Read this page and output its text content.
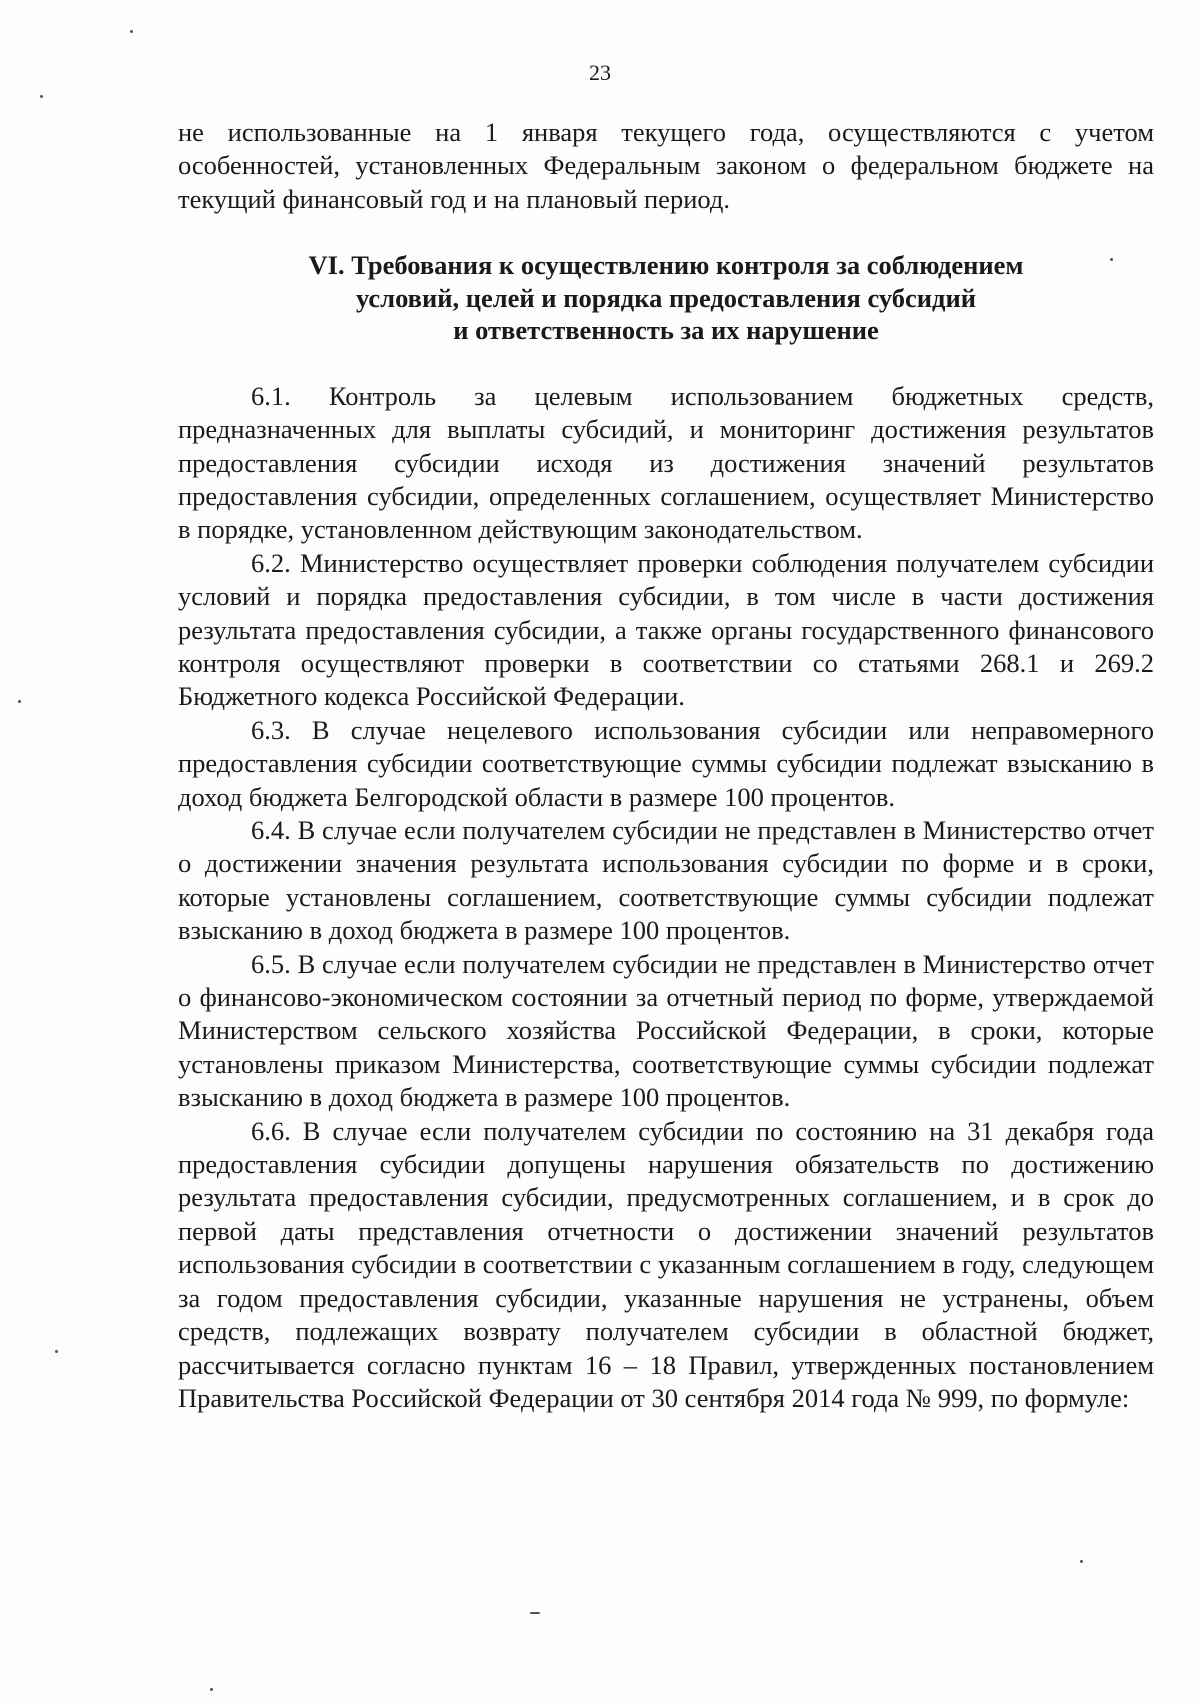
23

не использованные на 1 января текущего года, осуществляются с учетом особенностей, установленных Федеральным законом о федеральном бюджете на текущий финансовый год и на плановый период.

VI. Требования к осуществлению контроля за соблюдением
условий, целей и порядка предоставления субсидий
и ответственность за их нарушение

6.1. Контроль за целевым использованием бюджетных средств, предназначенных для выплаты субсидий, и мониторинг достижения результатов предоставления субсидии исходя из достижения значений результатов предоставления субсидии, определенных соглашением, осуществляет Министерство в порядке, установленном действующим законодательством.

6.2. Министерство осуществляет проверки соблюдения получателем субсидии условий и порядка предоставления субсидии, в том числе в части достижения результата предоставления субсидии, а также органы государственного финансового контроля осуществляют проверки в соответствии со статьями 268.1 и 269.2 Бюджетного кодекса Российской Федерации.

6.3. В случае нецелевого использования субсидии или неправомерного предоставления субсидии соответствующие суммы субсидии подлежат взысканию в доход бюджета Белгородской области в размере 100 процентов.

6.4. В случае если получателем субсидии не представлен в Министерство отчет о достижении значения результата использования субсидии по форме и в сроки, которые установлены соглашением, соответствующие суммы субсидии подлежат взысканию в доход бюджета в размере 100 процентов.

6.5. В случае если получателем субсидии не представлен в Министерство отчет о финансово-экономическом состоянии за отчетный период по форме, утверждаемой Министерством сельского хозяйства Российской Федерации, в сроки, которые установлены приказом Министерства, соответствующие суммы субсидии подлежат взысканию в доход бюджета в размере 100 процентов.

6.6. В случае если получателем субсидии по состоянию на 31 декабря года предоставления субсидии допущены нарушения обязательств по достижению результата предоставления субсидии, предусмотренных соглашением, и в срок до первой даты представления отчетности о достижении значений результатов использования субсидии в соответствии с указанным соглашением в году, следующем за годом предоставления субсидии, указанные нарушения не устранены, объем средств, подлежащих возврату получателем субсидии в областной бюджет, рассчитывается согласно пунктам 16 – 18 Правил, утвержденных постановлением Правительства Российской Федерации от 30 сентября 2014 года № 999, по формуле:
